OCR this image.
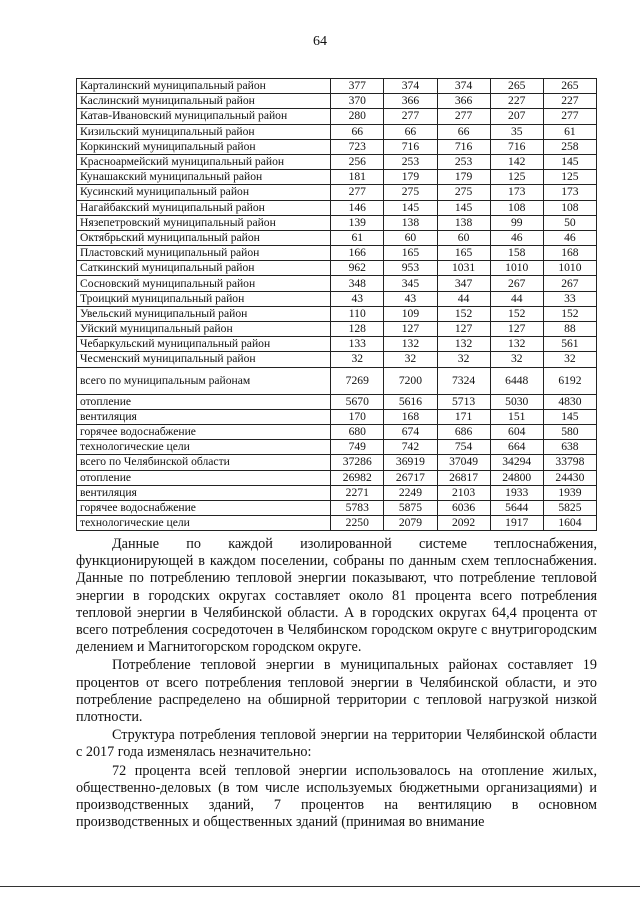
64
Карталинский муниципальный район	377	374	374	265	265
Каслинский муниципальный район	370	366	366	227	227
Катав-Ивановский муниципальный район	280	277	277	207	277
Кизильский муниципальный район	66	66	66	35	61
Коркинский муниципальный район	723	716	716	716	258
Красноармейский муниципальный район	256	253	253	142	145
Кунашакский муниципальный район	181	179	179	125	125
Кусинский муниципальный район	277	275	275	173	173
Нагайбакский муниципальный район	146	145	145	108	108
Нязепетровский муниципальный район	139	138	138	99	50
Октябрьский муниципальный район	61	60	60	46	46
Пластовский муниципальный район	166	165	165	158	168
Саткинский муниципальный район	962	953	1031	1010	1010
Сосновский муниципальный район	348	345	347	267	267
Троицкий муниципальный район	43	43	44	44	33
Увельский муниципальный район	110	109	152	152	152
Уйский муниципальный район	128	127	127	127	88
Чебаркульский муниципальный район	133	132	132	132	561
Чесменский муниципальный район	32	32	32	32	32
всего по муниципальным районам	7269	7200	7324	6448	6192
отопление	5670	5616	5713	5030	4830
вентиляция	170	168	171	151	145
горячее водоснабжение	680	674	686	604	580
технологические цели	749	742	754	664	638
всего по Челябинской области	37286	36919	37049	34294	33798
отопление	26982	26717	26817	24800	24430
вентиляция	2271	2249	2103	1933	1939
горячее водоснабжение	5783	5875	6036	5644	5825
технологические цели	2250	2079	2092	1917	1604

Данные по каждой изолированной системе теплоснабжения, функционирующей в каждом поселении, собраны по данным схем теплоснабжения. Данные по потреблению тепловой энергии показывают, что потребление тепловой энергии в городских округах составляет около 81 процента всего потребления тепловой энергии в Челябинской области. А в городских округах 64,4 процента от всего потребления сосредоточен в Челябинском городском округе с внутригородским делением и Магнитогорском городском округе.

Потребление тепловой энергии в муниципальных районах составляет 19 процентов от всего потребления тепловой энергии в Челябинской области, и это потребление распределено на обширной территории с тепловой нагрузкой низкой плотности.

Структура потребления тепловой энергии на территории Челябинской области с 2017 года изменялась незначительно:

72 процента всей тепловой энергии использовалось на отопление жилых, общественно-деловых (в том числе используемых бюджетными организациями) и производственных зданий, 7 процентов на вентиляцию в основном производственных и общественных зданий (принимая во внимание
